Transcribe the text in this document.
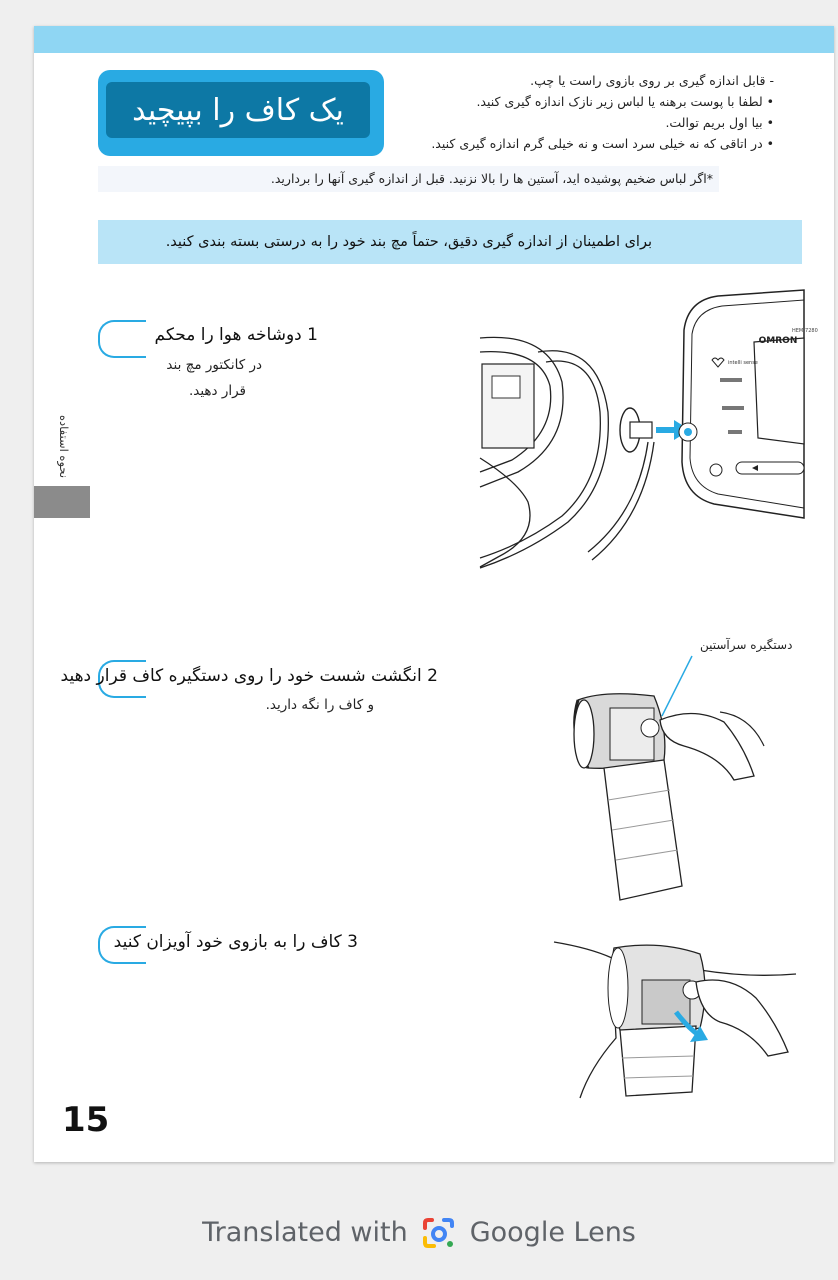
یک کاف را بپیچید
- قابل اندازه گیری بر روی بازوی راست یا چپ.
• لطفا با پوست برهنه یا لباس زیر نازک اندازه گیری کنید.
• بیا اول بریم توالت.
• در اتاقی که نه خیلی سرد است و نه خیلی گرم اندازه گیری کنید.
*اگر لباس ضخیم پوشیده اید، آستین ها را بالا نزنید. قبل از اندازه گیری آنها را بردارید.
برای اطمینان از اندازه گیری دقیق، حتماً مچ بند خود را به درستی بسته بندی کنید.
نحوه استفاده
1 دوشاخه هوا را محکم
در کانکتور مچ بند
قرار دهید.
OMRON
HEM-7280
intelli sense
2 انگشت شست خود را روی دستگیره کاف قرار دهید
و کاف را نگه دارید.
دستگیره سرآستین
3 کاف را به بازوی خود آویزان کنید
15
Translated with Google Lens
